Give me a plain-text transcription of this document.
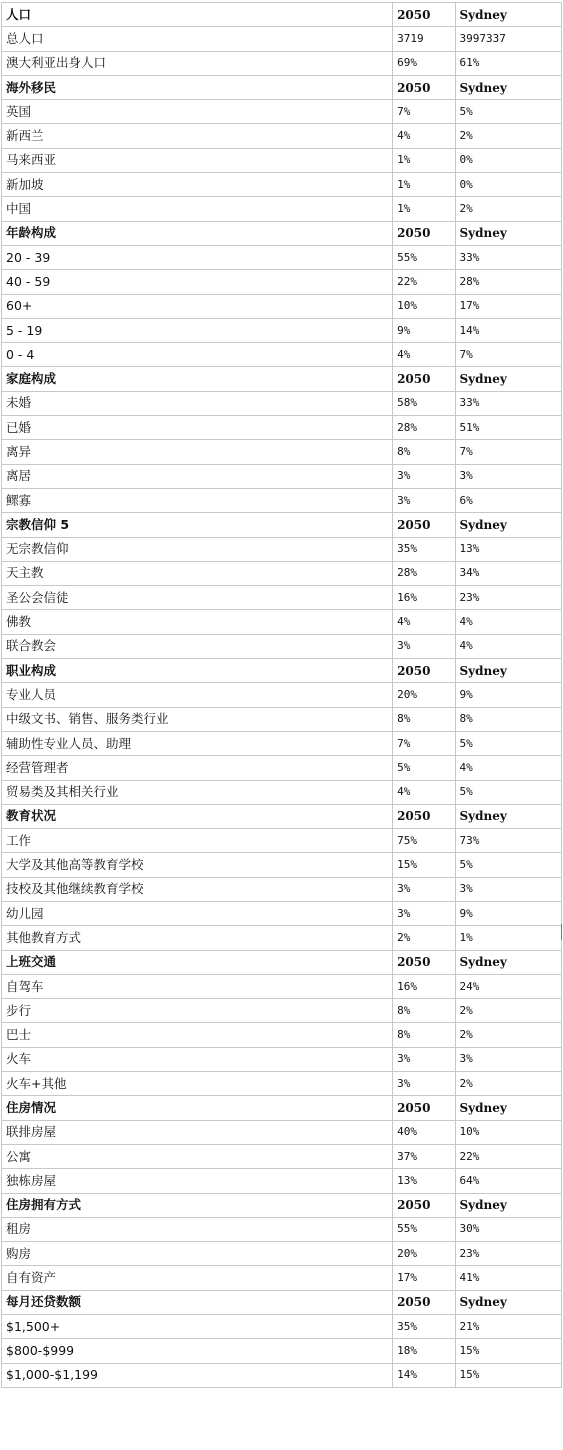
人口	2050	Sydney
总人口	3719	3997337
澳大利亚出身人口	69%	61%
海外移民	2050	Sydney
英国	7%	5%
新西兰	4%	2%
马来西亚	1%	0%
新加坡	1%	0%
中国	1%	2%
年龄构成	2050	Sydney
20 - 39	55%	33%
40 - 59	22%	28%
60+	10%	17%
5 - 19	9%	14%
0 - 4	4%	7%
家庭构成	2050	Sydney
未婚	58%	33%
已婚	28%	51%
离异	8%	7%
离居	3%	3%
鳏寡	3%	6%
宗教信仰 5	2050	Sydney
无宗教信仰	35%	13%
天主教	28%	34%
圣公会信徒	16%	23%
佛教	4%	4%
联合教会	3%	4%
职业构成	2050	Sydney
专业人员	20%	9%
中级文书、销售、服务类行业	8%	8%
辅助性专业人员、助理	7%	5%
经营管理者	5%	4%
贸易类及其相关行业	4%	5%
教育状况	2050	Sydney
工作	75%	73%
大学及其他高等教育学校	15%	5%
技校及其他继续教育学校	3%	3%
幼儿园	3%	9%
其他教育方式	2%	1%
上班交通	2050	Sydney
自驾车	16%	24%
步行	8%	2%
巴士	8%	2%
火车	3%	3%
火车+其他	3%	2%
住房情况	2050	Sydney
联排房屋	40%	10%
公寓	37%	22%
独栋房屋	13%	64%
住房拥有方式	2050	Sydney
租房	55%	30%
购房	20%	23%
自有资产	17%	41%
每月还贷数额	2050	Sydney
$1,500+	35%	21%
$800-$999	18%	15%
$1,000-$1,199	14%	15%
